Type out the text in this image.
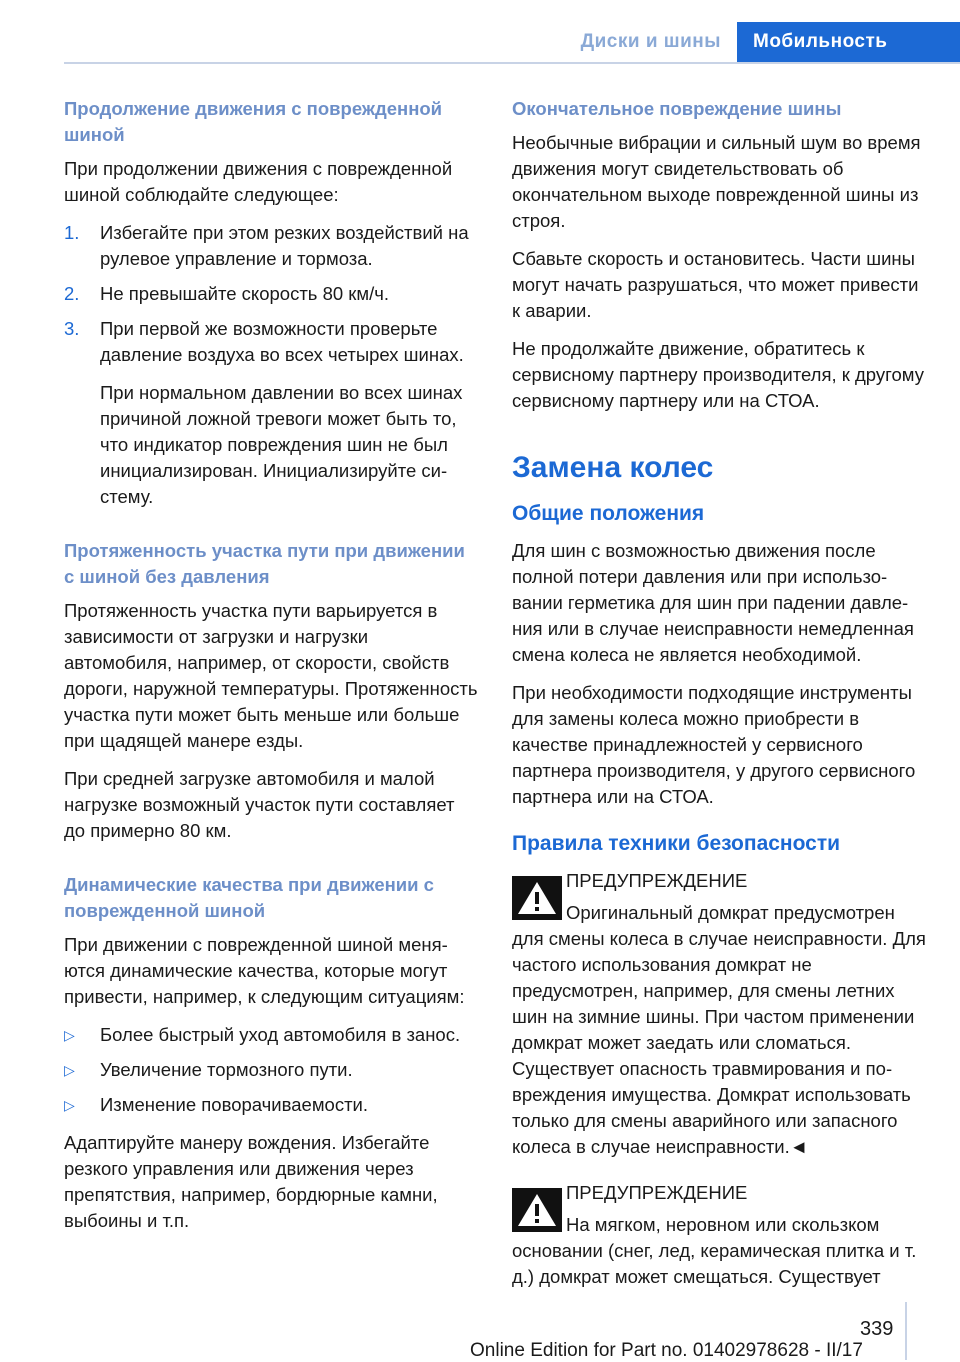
Диски и шины Мобильность
Продолжение движения с поврежденной шиной

При продолжении движения с поврежденной шиной соблюдайте следующее:

1.	Избегайте при этом резких воздействий на рулевое управление и тормоза.
2.	Не превышайте скорость 80 км/ч.
3.	При первой же возможности проверьте давление воздуха во всех четырех шинах.

При нормальном давлении во всех шинах причиной ложной тревоги может быть то, что индикатор повреждения шин не был инициализирован. Инициализируйте систему.

Протяженность участка пути при движении с шиной без давления

Протяженность участка пути варьируется в зависимости от загрузки и нагрузки автомобиля, например, от скорости, свойств дороги, наружной температуры. Протяженность участка пути может быть меньше или больше при щадящей манере езды.

При средней загрузке автомобиля и малой нагрузке возможный участок пути составляет до примерно 80 км.

Динамические качества при движении с поврежденной шиной

При движении с поврежденной шиной меняются динамические качества, которые могут привести, например, к следующим ситуациям:

▷	Более быстрый уход автомобиля в занос.
▷	Увеличение тормозного пути.
▷	Изменение поворачиваемости.

Адаптируйте манеру вождения. Избегайте резкого управления или движения через препятствия, например, бордюрные камни, выбоины и т.п.

Окончательное повреждение шины

Необычные вибрации и сильный шум во время движения могут свидетельствовать об окончательном выходе поврежденной шины из строя.

Сбавьте скорость и остановитесь. Части шины могут начать разрушаться, что может привести к аварии.

Не продолжайте движение, обратитесь к сервисному партнеру производителя, к другому сервисному партнеру или на СТОА.

Замена колес
Общие положения

Для шин с возможностью движения после полной потери давления или при использовании герметика для шин при падении давления или в случае неисправности немедленная смена колеса не является необходимой.

При необходимости подходящие инструменты для замены колеса можно приобрести в качестве принадлежностей у сервисного партнера производителя, у другого сервисного партнера или на СТОА.

Правила техники безопасности
ПРЕДУПРЕЖДЕНИЕ

Оригинальный домкрат предусмотрен

для смены колеса в случае неисправности. Для частого использования домкрат не предусмотрен, например, для смены летних шин на зимние шины. При частом применении домкрат может заедать или сломаться. Существует опасность травмирования и повреждения имущества. Домкрат использовать только для смены аварийного или запасного колеса в случае неисправности.◄

ПРЕДУПРЕЖДЕНИЕ

На мягком, неровном или скользком

основании (снег, лед, керамическая плитка и т. д.) домкрат может смещаться. Существует

339
Online Edition for Part no. 01402978628 - II/17
